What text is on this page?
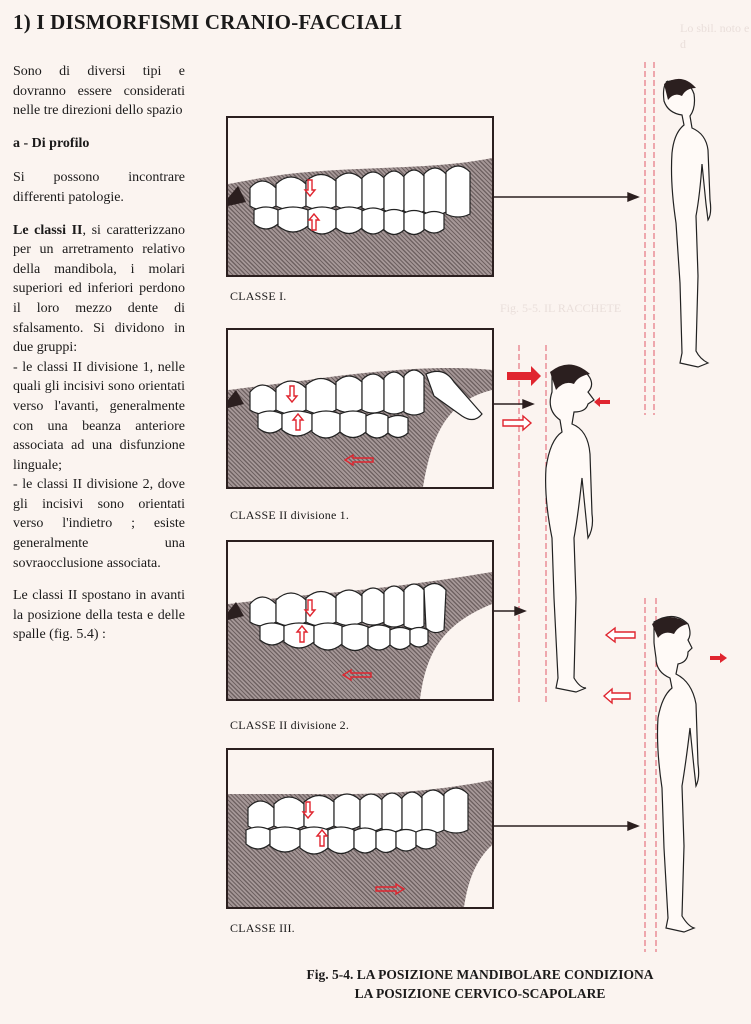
Lo sbil. noto e d
Fig. 5-5. IL RACCHETE
1) I DISMORFISMI CRANIO-FACCIALI

Sono di diversi tipi e dovranno essere considerati nelle tre direzioni dello spazio

a - Di profilo

Si possono incontrare differenti patologie.

Le classi II, si caratterizzano per un arretramento relativo della mandibola, i molari superiori ed inferiori perdono il loro mezzo dente di sfalsamento. Si dividono in due gruppi:
- le classi II divisione 1, nelle quali gli incisivi sono orientati verso l'avanti, generalmente con una beanza anteriore associata ad una disfunzione linguale;
- le classi II divisione 2, dove gli incisivi sono orientati verso l'indietro ; esiste generalmente una sovraocclusione associata.

Le classi II spostano in avanti la posizione della testa e delle spalle (fig. 5.4) :

CLASSE I.
CLASSE II divisione 1.
CLASSE II divisione 2.
CLASSE III.
Fig. 5-4. LA POSIZIONE MANDIBOLARE CONDIZIONA
LA POSIZIONE CERVICO-SCAPOLARE
